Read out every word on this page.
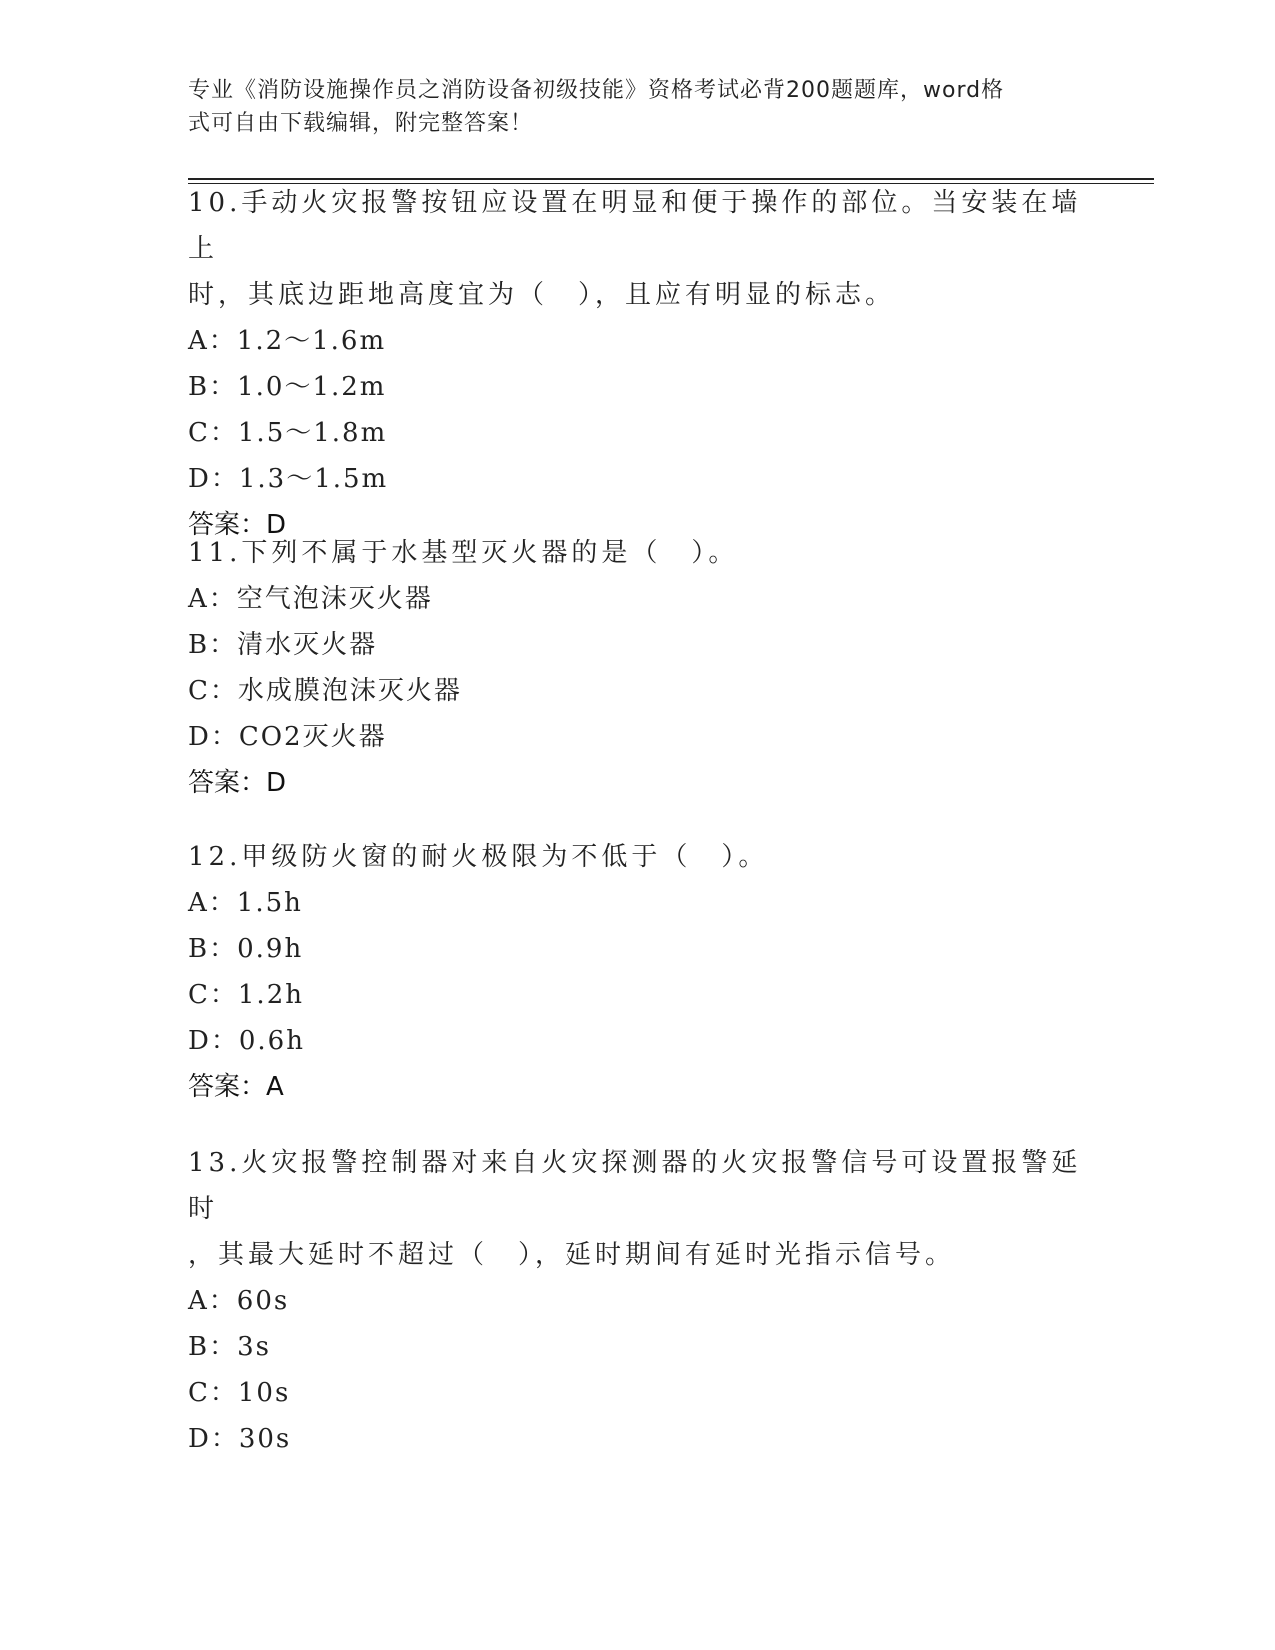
专业《消防设施操作员之消防设备初级技能》资格考试必背200题题库，word格
式可自由下载编辑，附完整答案！
10.手动火灾报警按钮应设置在明显和便于操作的部位。当安装在墙上
时，其底边距地高度宜为（　），且应有明显的标志。
A：1.2～1.6m
B：1.0～1.2m
C：1.5～1.8m
D：1.3～1.5m
答案：D
11.下列不属于水基型灭火器的是（　）。
A：空气泡沫灭火器
B：清水灭火器
C：水成膜泡沫灭火器
D：CO2灭火器
答案：D
12.甲级防火窗的耐火极限为不低于（　）。
A：1.5h
B：0.9h
C：1.2h
D：0.6h
答案：A
13.火灾报警控制器对来自火灾探测器的火灾报警信号可设置报警延时
，其最大延时不超过（　），延时期间有延时光指示信号。
A：60s
B：3s
C：10s
D：30s
